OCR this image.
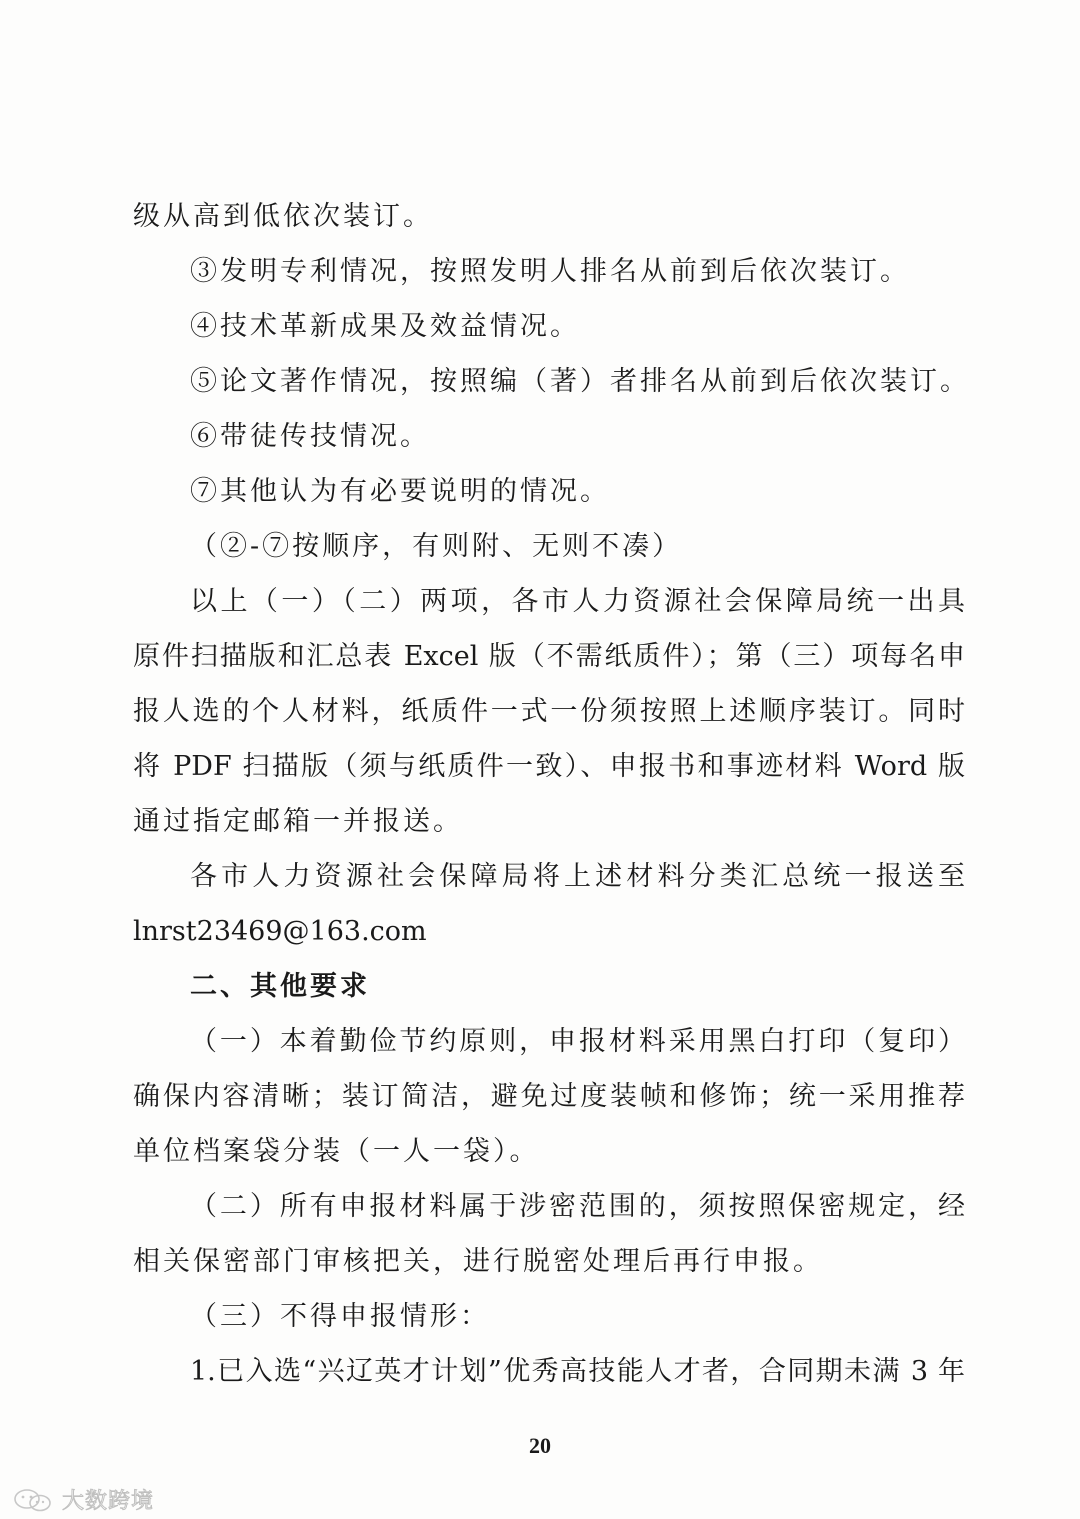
级从高到低依次装订。
③发明专利情况，按照发明人排名从前到后依次装订。
④技术革新成果及效益情况。
⑤论文著作情况，按照编（著）者排名从前到后依次装订。
⑥带徒传技情况。
⑦其他认为有必要说明的情况。
（②-⑦按顺序，有则附、无则不凑）
以上（一）（二）两项，各市人力资源社会保障局统一出具
原件扫描版和汇总表 Excel 版（不需纸质件）；第（三）项每名申
报人选的个人材料，纸质件一式一份须按照上述顺序装订。同时
将 PDF 扫描版（须与纸质件一致）、申报书和事迹材料 Word 版
通过指定邮箱一并报送。
各市人力资源社会保障局将上述材料分类汇总统一报送至
lnrst23469@163.com
二、其他要求
（一）本着勤俭节约原则，申报材料采用黑白打印（复印）
确保内容清晰；装订简洁，避免过度装帧和修饰；统一采用推荐
单位档案袋分装（一人一袋）。
（二）所有申报材料属于涉密范围的，须按照保密规定，经
相关保密部门审核把关，进行脱密处理后再行申报。
（三）不得申报情形：
1.已入选“兴辽英才计划”优秀高技能人才者，合同期未满 3 年
20
大数跨境
